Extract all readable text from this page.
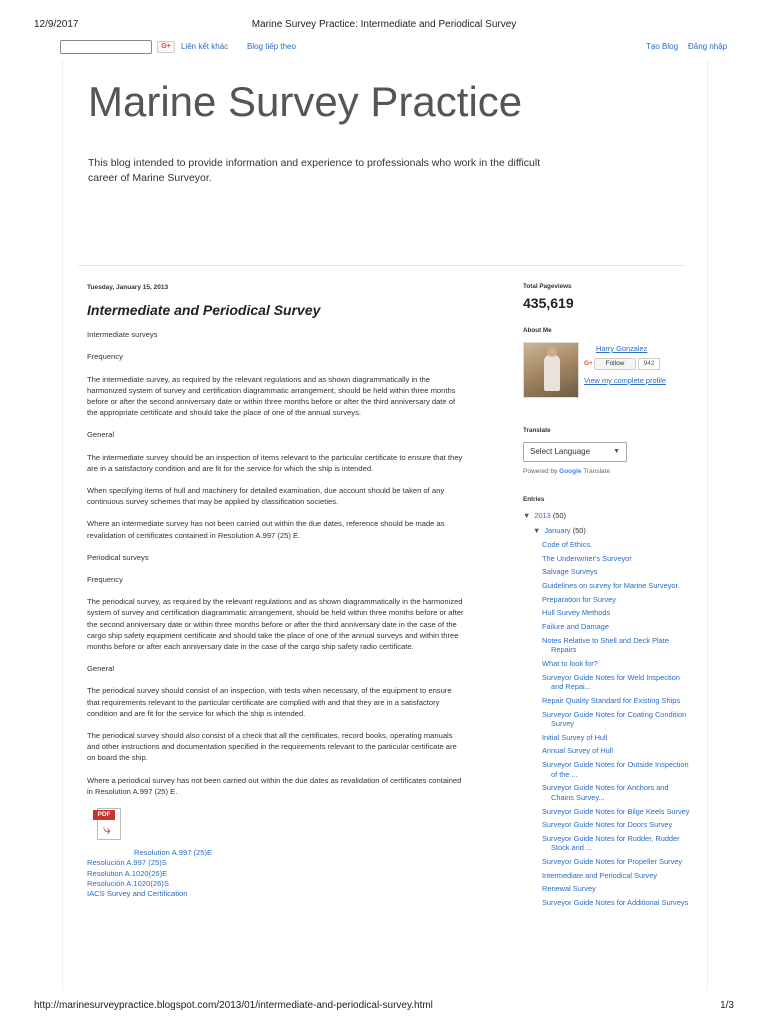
12/9/2017	Marine Survey Practice: Intermediate and Periodical Survey
G+	Liên kết khác Blog tiếp theo	Tạo Blog Đăng nhập
Marine Survey Practice
This blog intended to provide information and experience to professionals who work in the difficult career of Marine Surveyor.
Tuesday, January 15, 2013
Intermediate and Periodical Survey

Intermediate surveys

Frequency

The intermediate survey, as required by the relevant regulations and as shown diagrammatically in the harmonized system of survey and certification diagrammatic arrangement, should be held within three months before or after the second anniversary date or within three months before or after the third anniversary date of the appropriate certificate and should take the place of one of the annual surveys.

General

The intermediate survey should be an inspection of items relevant to the particular certificate to ensure that they are in a satisfactory condition and are fit for the service for which the ship is intended.

When specifying items of hull and machinery for detailed examination, due account should be taken of any continuous survey schemes that may be applied by classification societies.

Where an intermediate survey has not been carried out within the due dates, reference should be made as revalidation of certificates contained in Resolution A.997 (25) E.

Periodical surveys

Frequency

The periodical survey, as required by the relevant regulations and as shown diagrammatically in the harmonized system of survey and certification diagrammatic arrangement, should be held within three months before or after the second anniversary date or within three months before or after the third anniversary date in the case of the cargo ship safety equipment certificate and should take the place of one of the annual surveys and within three months before or after each anniversary date in the case of the cargo ship safety radio certificate.

General

The periodical survey should consist of an inspection, with tests when necessary, of the equipment to ensure that requirements relevant to the particular certificate are complied with and that they are in a satisfactory condition and are fit for the service for which the ship is intended.

The periodical survey should also consist of a check that all the certificates, record books, operating manuals and other instructions and documentation specified in the requirements relevant to the particular certificate are on board the ship.

Where a periodical survey has not been carried out within the due dates as revalidation of certificates contained in Resolution A.997 (25) E.

PDF
⤷
Resolution A.997 (25)E
Resolución A.997 (25)S
Resolution A.1020(26)E
Resolución A.1020(26)S
IACS Survey and Certification
Total Pageviews
435,619
About Me
Harry Gonzalez
G+ Follow	942
View my complete profile
Translate
Select Language	▼
Powered by Google Translate
Entries
▼ 2013 (50)
▼ January (50)
Code of Ethics.
The Underwriter's Surveyor
Salvage Surveys
Guidelines on survey for Marine Surveyor.
Preparation for Survey
Hull Survey Methods
Failure and Damage
Notes Relative to Shell and Deck Plate Repairs
What to look for?
Surveyor Guide Notes for Weld Inspection and Repai...
Repair Quality Standard for Existing Ships
Surveyor Guide Notes for Coating Condition Survey
Initial Survey of Hull
Annual Survey of Hull
Surveyor Guide Notes for Outside Inspection of the ...
Surveyor Guide Notes for Anchors and Chains Survey...
Surveyor Guide Notes for Bilge Keels Survey
Surveyor Guide Notes for Doors Survey
Surveyor Guide Notes for Rudder, Rudder Stock and ...
Surveyor Guide Notes for Propeller Survey
Intermediate and Periodical Survey
Renewal Survey
Surveyor Guide Notes for Additional Surveys
http://marinesurveypractice.blogspot.com/2013/01/intermediate-and-periodical-survey.html	1/3
